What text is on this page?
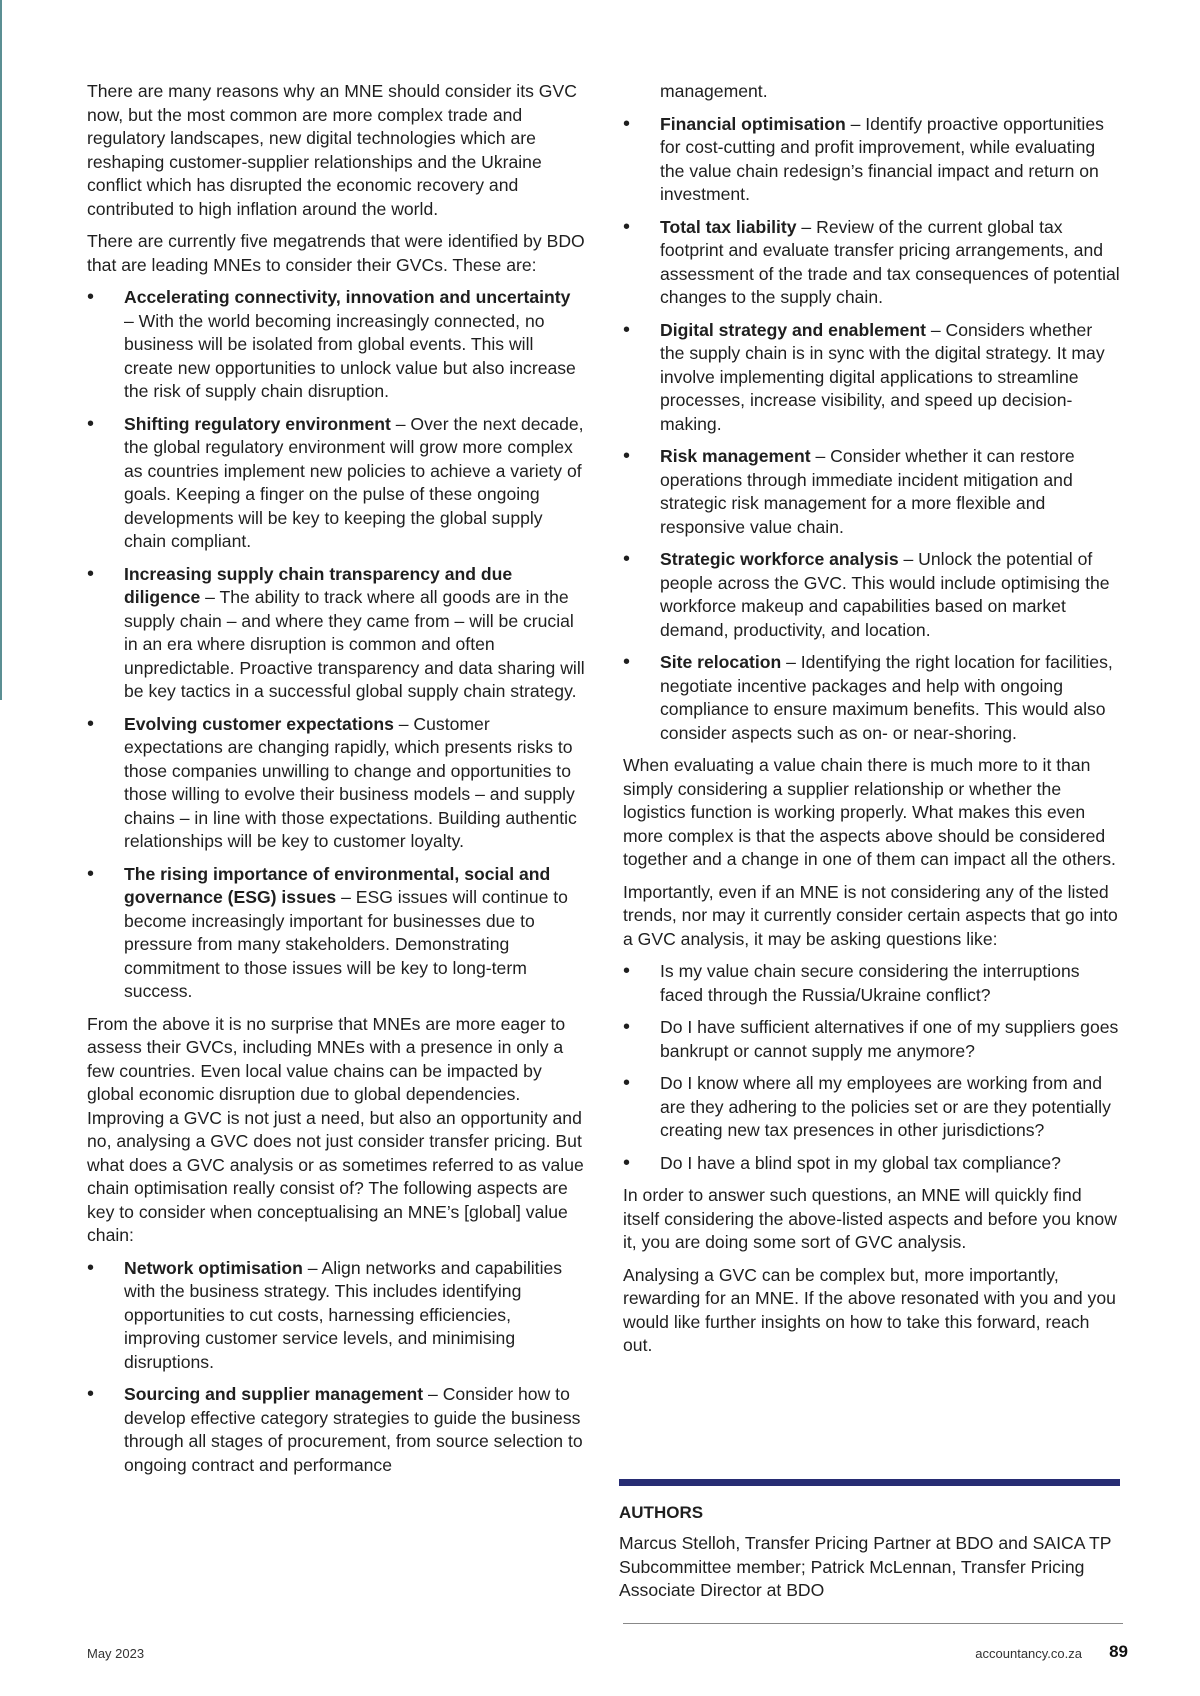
There are many reasons why an MNE should consider its GVC now, but the most common are more complex trade and regulatory landscapes, new digital technologies which are reshaping customer-supplier relationships and the Ukraine conflict which has disrupted the economic recovery and contributed to high inflation around the world.

There are currently five megatrends that were identified by BDO that are leading MNEs to consider their GVCs. These are:

• Accelerating connectivity, innovation and uncertainty – With the world becoming increasingly connected, no business will be isolated from global events. This will create new opportunities to unlock value but also increase the risk of supply chain disruption.
• Shifting regulatory environment – Over the next decade, the global regulatory environment will grow more complex as countries implement new policies to achieve a variety of goals. Keeping a finger on the pulse of these ongoing developments will be key to keeping the global supply chain compliant.
• Increasing supply chain transparency and due diligence – The ability to track where all goods are in the supply chain – and where they came from – will be crucial in an era where disruption is common and often unpredictable. Proactive transparency and data sharing will be key tactics in a successful global supply chain strategy.
• Evolving customer expectations – Customer expectations are changing rapidly, which presents risks to those companies unwilling to change and opportunities to those willing to evolve their business models – and supply chains – in line with those expectations. Building authentic relationships will be key to customer loyalty.
• The rising importance of environmental, social and governance (ESG) issues – ESG issues will continue to become increasingly important for businesses due to pressure from many stakeholders. Demonstrating commitment to those issues will be key to long-term success.

From the above it is no surprise that MNEs are more eager to assess their GVCs, including MNEs with a presence in only a few countries. Even local value chains can be impacted by global economic disruption due to global dependencies. Improving a GVC is not just a need, but also an opportunity and no, analysing a GVC does not just consider transfer pricing. But what does a GVC analysis or as sometimes referred to as value chain optimisation really consist of? The following aspects are key to consider when conceptualising an MNE’s [global] value chain:

• Network optimisation – Align networks and capabilities with the business strategy. This includes identifying opportunities to cut costs, harnessing efficiencies, improving customer service levels, and minimising disruptions.
• Sourcing and supplier management – Consider how to develop effective category strategies to guide the business through all stages of procurement, from source selection to ongoing contract and performance
management.
• Financial optimisation – Identify proactive opportunities for cost-cutting and profit improvement, while evaluating the value chain redesign’s financial impact and return on investment.
• Total tax liability – Review of the current global tax footprint and evaluate transfer pricing arrangements, and assessment of the trade and tax consequences of potential changes to the supply chain.
• Digital strategy and enablement – Considers whether the supply chain is in sync with the digital strategy. It may involve implementing digital applications to streamline processes, increase visibility, and speed up decision-making.
• Risk management – Consider whether it can restore operations through immediate incident mitigation and strategic risk management for a more flexible and responsive value chain.
• Strategic workforce analysis – Unlock the potential of people across the GVC. This would include optimising the workforce makeup and capabilities based on market demand, productivity, and location.
• Site relocation – Identifying the right location for facilities, negotiate incentive packages and help with ongoing compliance to ensure maximum benefits. This would also consider aspects such as on- or near-shoring.

When evaluating a value chain there is much more to it than simply considering a supplier relationship or whether the logistics function is working properly. What makes this even more complex is that the aspects above should be considered together and a change in one of them can impact all the others.

Importantly, even if an MNE is not considering any of the listed trends, nor may it currently consider certain aspects that go into a GVC analysis, it may be asking questions like:

• Is my value chain secure considering the interruptions faced through the Russia/Ukraine conflict?
• Do I have sufficient alternatives if one of my suppliers goes bankrupt or cannot supply me anymore?
• Do I know where all my employees are working from and are they adhering to the policies set or are they potentially creating new tax presences in other jurisdictions?
• Do I have a blind spot in my global tax compliance?

In order to answer such questions, an MNE will quickly find itself considering the above-listed aspects and before you know it, you are doing some sort of GVC analysis.

Analysing a GVC can be complex but, more importantly, rewarding for an MNE. If the above resonated with you and you would like further insights on how to take this forward, reach out.

AUTHORS
Marcus Stelloh, Transfer Pricing Partner at BDO and SAICA TP Subcommittee member; Patrick McLennan, Transfer Pricing Associate Director at BDO
May 2023	accountancy.co.za 89
